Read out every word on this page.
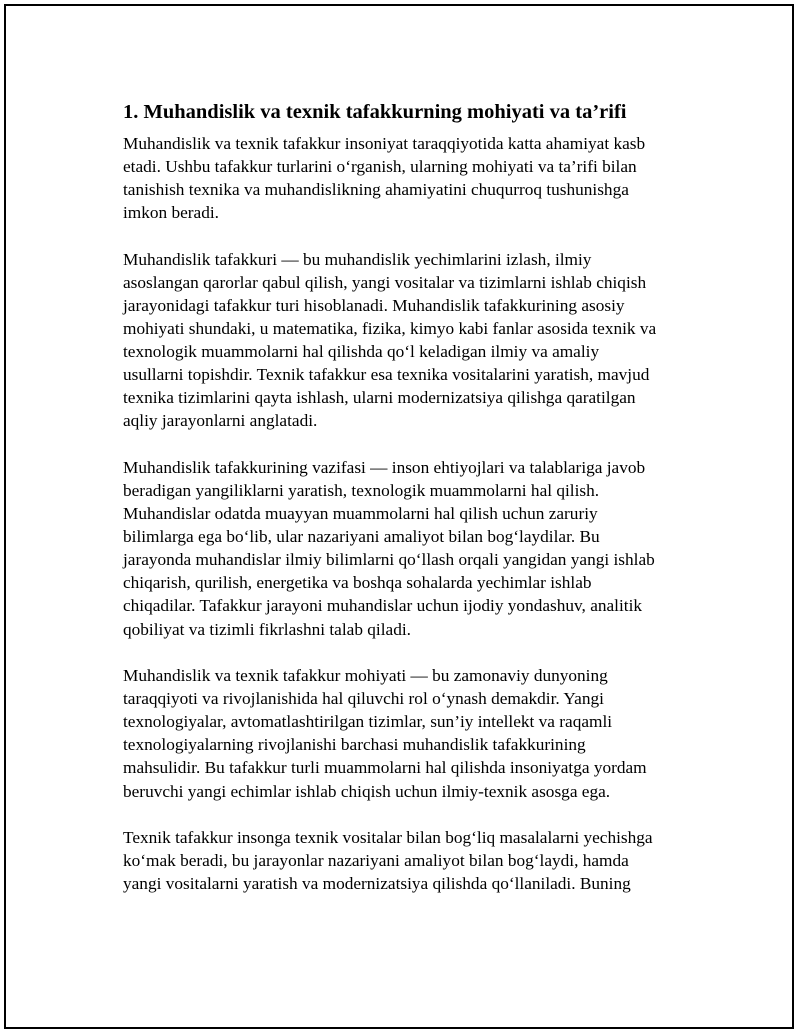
1. Muhandislik va texnik tafakkurning mohiyati va ta’rifi
Muhandislik va texnik tafakkur insoniyat taraqqiyotida katta ahamiyat kasb
etadi. Ushbu tafakkur turlarini o‘rganish, ularning mohiyati va ta’rifi bilan
tanishish texnika va muhandislikning ahamiyatini chuqurroq tushunishga
imkon beradi.
Muhandislik tafakkuri — bu muhandislik yechimlarini izlash, ilmiy
asoslangan qarorlar qabul qilish, yangi vositalar va tizimlarni ishlab chiqish
jarayonidagi tafakkur turi hisoblanadi. Muhandislik tafakkurining asosiy
mohiyati shundaki, u matematika, fizika, kimyo kabi fanlar asosida texnik va
texnologik muammolarni hal qilishda qo‘l keladigan ilmiy va amaliy
usullarni topishdir. Texnik tafakkur esa texnika vositalarini yaratish, mavjud
texnika tizimlarini qayta ishlash, ularni modernizatsiya qilishga qaratilgan
aqliy jarayonlarni anglatadi.
Muhandislik tafakkurining vazifasi — inson ehtiyojlari va talablariga javob
beradigan yangiliklarni yaratish, texnologik muammolarni hal qilish.
Muhandislar odatda muayyan muammolarni hal qilish uchun zaruriy
bilimlarga ega bo‘lib, ular nazariyani amaliyot bilan bog‘laydilar. Bu
jarayonda muhandislar ilmiy bilimlarni qo‘llash orqali yangidan yangi ishlab
chiqarish, qurilish, energetika va boshqa sohalarda yechimlar ishlab
chiqadilar. Tafakkur jarayoni muhandislar uchun ijodiy yondashuv, analitik
qobiliyat va tizimli fikrlashni talab qiladi.
Muhandislik va texnik tafakkur mohiyati — bu zamonaviy dunyoning
taraqqiyoti va rivojlanishida hal qiluvchi rol o‘ynash demakdir. Yangi
texnologiyalar, avtomatlashtirilgan tizimlar, sun’iy intellekt va raqamli
texnologiyalarning rivojlanishi barchasi muhandislik tafakkurining
mahsulidir. Bu tafakkur turli muammolarni hal qilishda insoniyatga yordam
beruvchi yangi echimlar ishlab chiqish uchun ilmiy-texnik asosga ega.
Texnik tafakkur insonga texnik vositalar bilan bog‘liq masalalarni yechishga
ko‘mak beradi, bu jarayonlar nazariyani amaliyot bilan bog‘laydi, hamda
yangi vositalarni yaratish va modernizatsiya qilishda qo‘llaniladi. Buning
